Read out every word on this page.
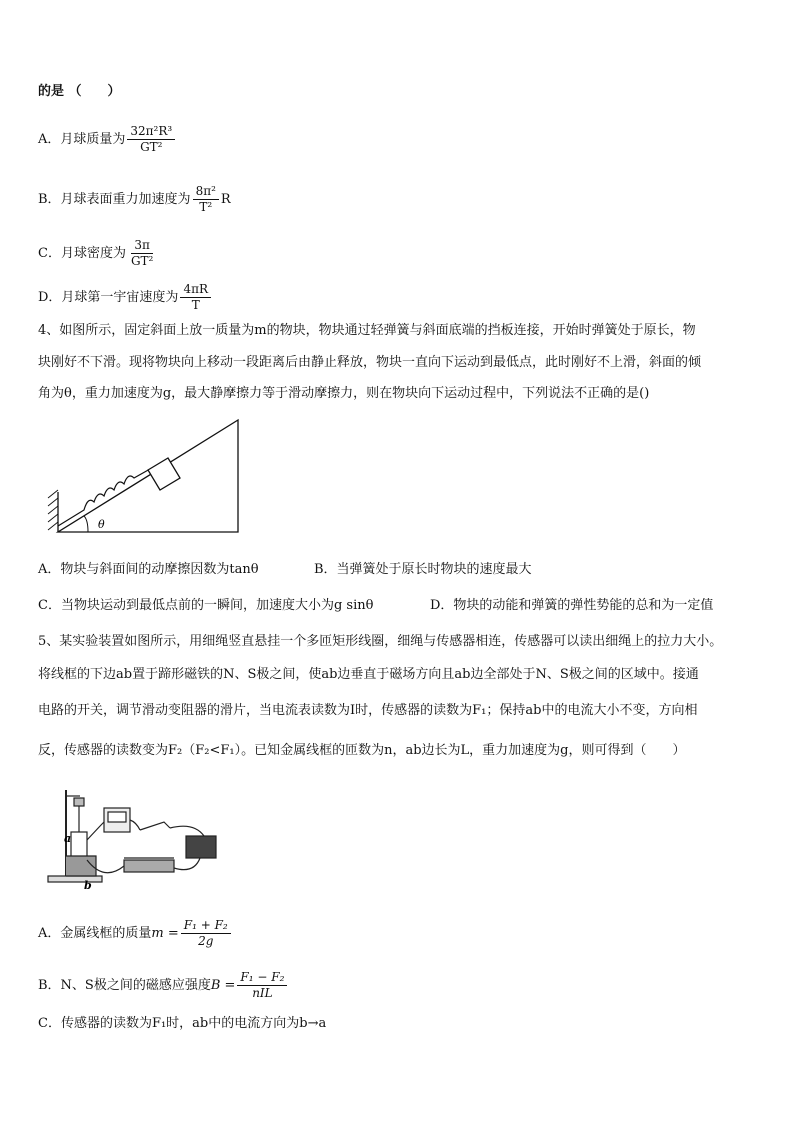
的是 （　　）
A．月球质量为 $\frac{\text{32π²R³}}{\text{GT²}}$
B．月球表面重力加速度为 $\frac{\text{8π²}}{\text{T²}}$ R
C．月球密度为 $\frac{3\pi}{\text{GT²}}$
D．月球第一宇宙速度为 $\frac{4\pi R}{T}$
4、如图所示，固定斜面上放一质量为m的物块，物块通过轻弹簧与斜面底端的挡板连接，开始时弹簧处于原长，物
块刚好不下滑。现将物块向上移动一段距离后由静止释放，物块一直向下运动到最低点，此时刚好不上滑，斜面的倾
角为θ，重力加速度为g，最大静摩擦力等于滑动摩擦力，则在物块向下运动过程中，下列说法不正确的是()
θ
A．物块与斜面间的动摩擦因数为tanθ	B．当弹簧处于原长时物块的速度最大
C．当物块运动到最低点前的一瞬间，加速度大小为g sinθ	D．物块的动能和弹簧的弹性势能的总和为一定值
5、某实验装置如图所示，用细绳竖直悬挂一个多匝矩形线圈，细绳与传感器相连，传感器可以读出细绳上的拉力大小。
将线框的下边ab置于蹄形磁铁的N、S极之间，使ab边垂直于磁场方向且ab边全部处于N、S极之间的区域中。接通
电路的开关，调节滑动变阻器的滑片，当电流表读数为I时，传感器的读数为F₁；保持ab中的电流大小不变，方向相
反，传感器的读数变为F₂（F₂<F₁）。已知金属线框的匝数为n，ab边长为L，重力加速度为g，则可得到（　　）
a
b
A．金属线框的质量$m = \frac{\text{F₁ + F₂}}{2g}$
B．N、S极之间的磁感应强度$B = \frac{\text{F₁ − F₂}}{\text{nIL}}$
C．传感器的读数为F₁时，ab中的电流方向为b→a
